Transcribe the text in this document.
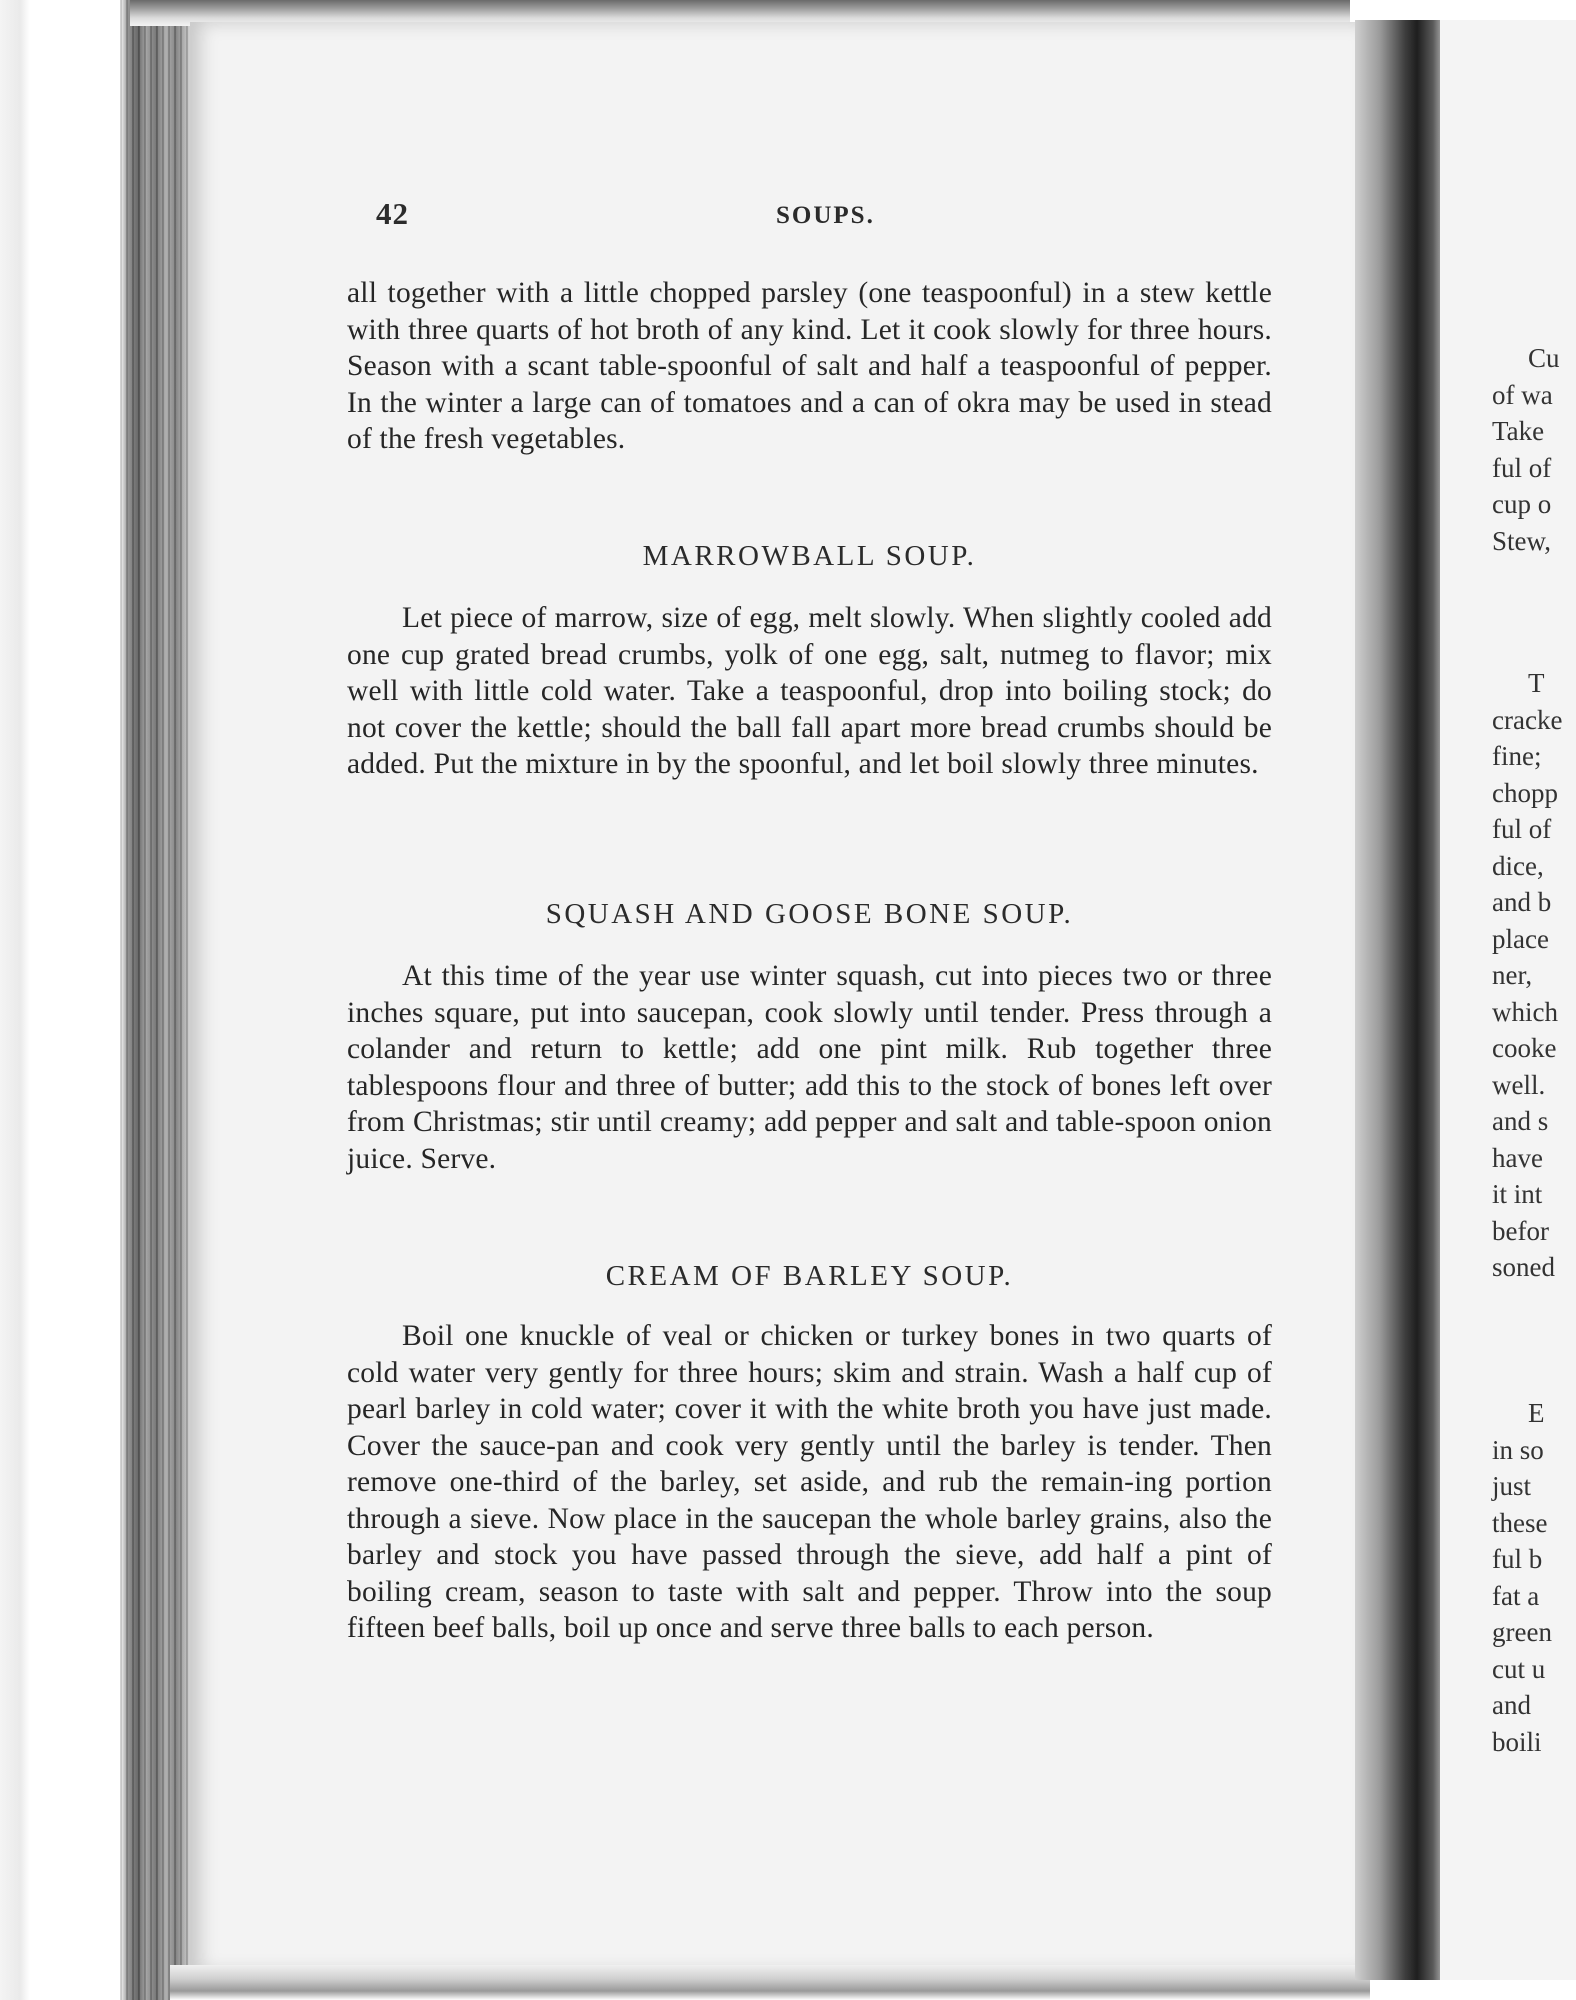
Cu
of wa
Take
ful of
cup o
Stew,
T
cracke
fine;
chopp
ful of
dice,
and b
place
ner,
which
cooke
well.
and s
have
it int
befor
soned
E
in so
just
these
ful b
fat a
green
cut u
and
boili
42	SOUPS.
all together with a little chopped parsley (one teaspoonful) in a stew kettle with three quarts of hot broth of any kind. Let it cook slowly for three hours. Season with a scant table-spoonful of salt and half a teaspoonful of pepper. In the winter a large can of tomatoes and a can of okra may be used in stead of the fresh vegetables.
MARROWBALL SOUP.
Let piece of marrow, size of egg, melt slowly. When slightly cooled add one cup grated bread crumbs, yolk of one egg, salt, nutmeg to flavor; mix well with little cold water. Take a teaspoonful, drop into boiling stock; do not cover the kettle; should the ball fall apart more bread crumbs should be added. Put the mixture in by the spoonful, and let boil slowly three minutes.
SQUASH AND GOOSE BONE SOUP.
At this time of the year use winter squash, cut into pieces two or three inches square, put into saucepan, cook slowly until tender. Press through a colander and return to kettle; add one pint milk. Rub together three tablespoons flour and three of butter; add this to the stock of bones left over from Christmas; stir until creamy; add pepper and salt and table-spoon onion juice. Serve.
CREAM OF BARLEY SOUP.
Boil one knuckle of veal or chicken or turkey bones in two quarts of cold water very gently for three hours; skim and strain. Wash a half cup of pearl barley in cold water; cover it with the white broth you have just made. Cover the sauce-pan and cook very gently until the barley is tender. Then remove one-third of the barley, set aside, and rub the remain-ing portion through a sieve. Now place in the saucepan the whole barley grains, also the barley and stock you have passed through the sieve, add half a pint of boiling cream, season to taste with salt and pepper. Throw into the soup fifteen beef balls, boil up once and serve three balls to each person.
